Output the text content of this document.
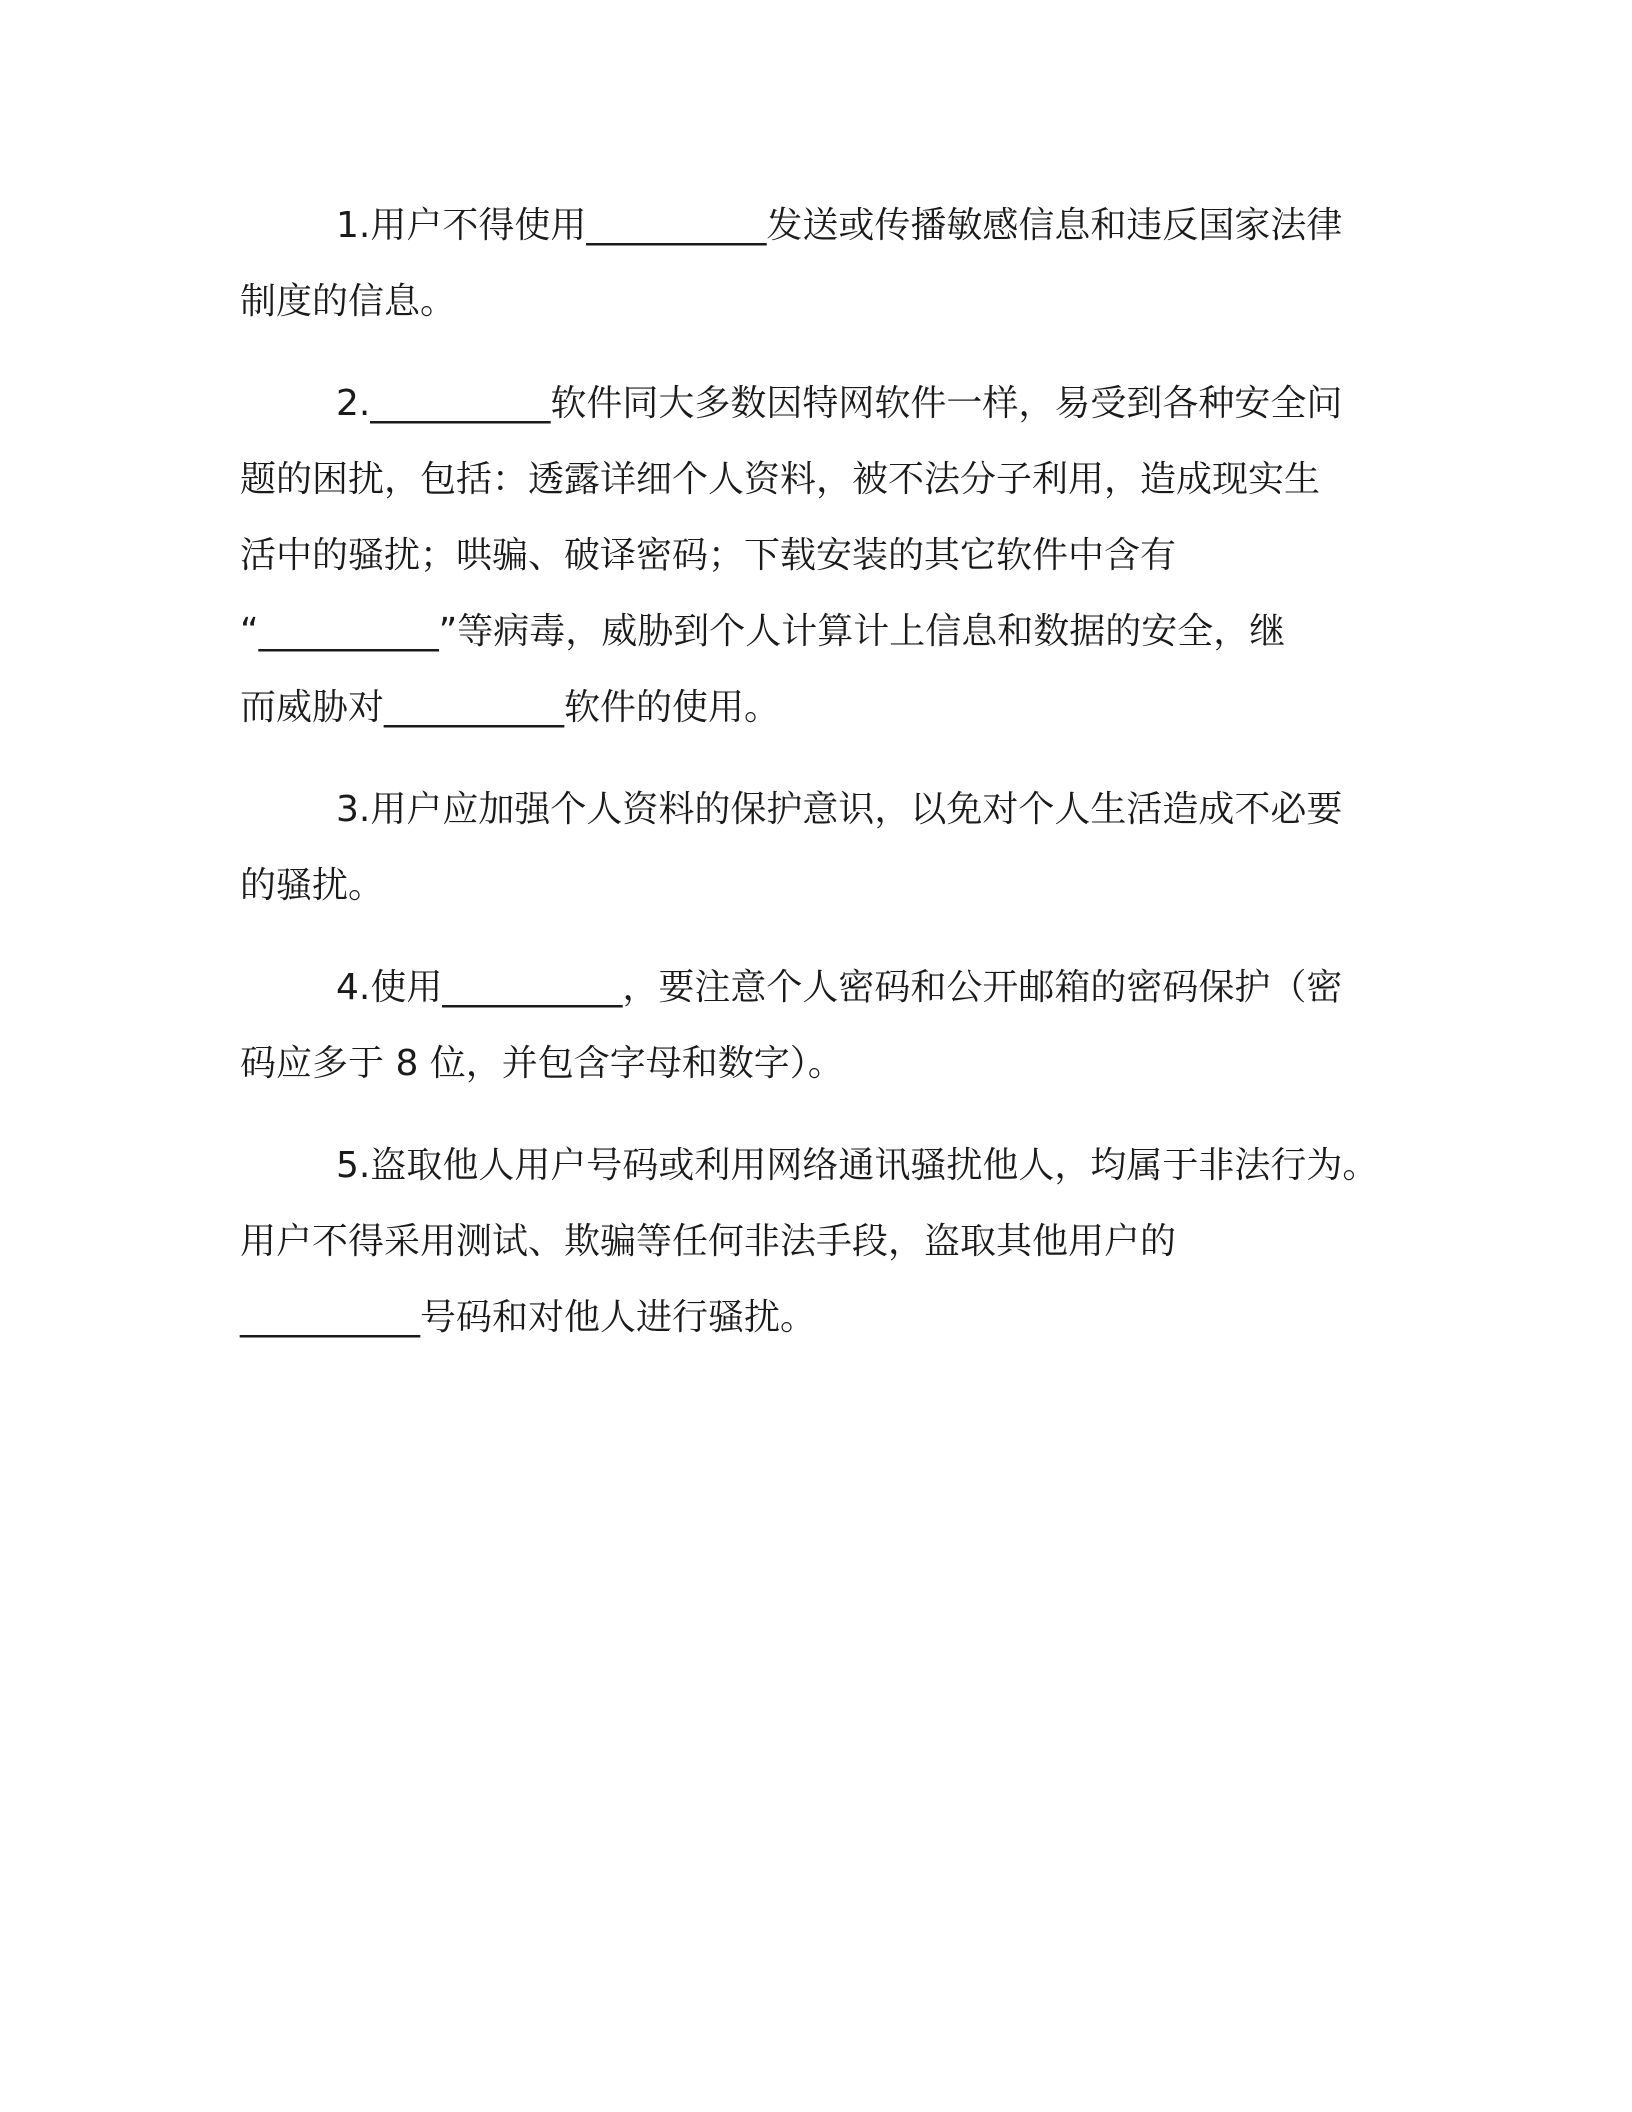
1.用户不得使用__________发送或传播敏感信息和违反国家法律
制度的信息。

2.__________软件同大多数因特网软件一样，易受到各种安全问
题的困扰，包括：透露详细个人资料，被不法分子利用，造成现实生
活中的骚扰；哄骗、破译密码；下载安装的其它软件中含有
“__________”等病毒，威胁到个人计算计上信息和数据的安全，继
而威胁对__________软件的使用。

3.用户应加强个人资料的保护意识，以免对个人生活造成不必要
的骚扰。

4.使用__________，要注意个人密码和公开邮箱的密码保护（密
码应多于 8 位，并包含字母和数字）。

5.盗取他人用户号码或利用网络通讯骚扰他人，均属于非法行为。
用户不得采用测试、欺骗等任何非法手段，盗取其他用户的
__________号码和对他人进行骚扰。
